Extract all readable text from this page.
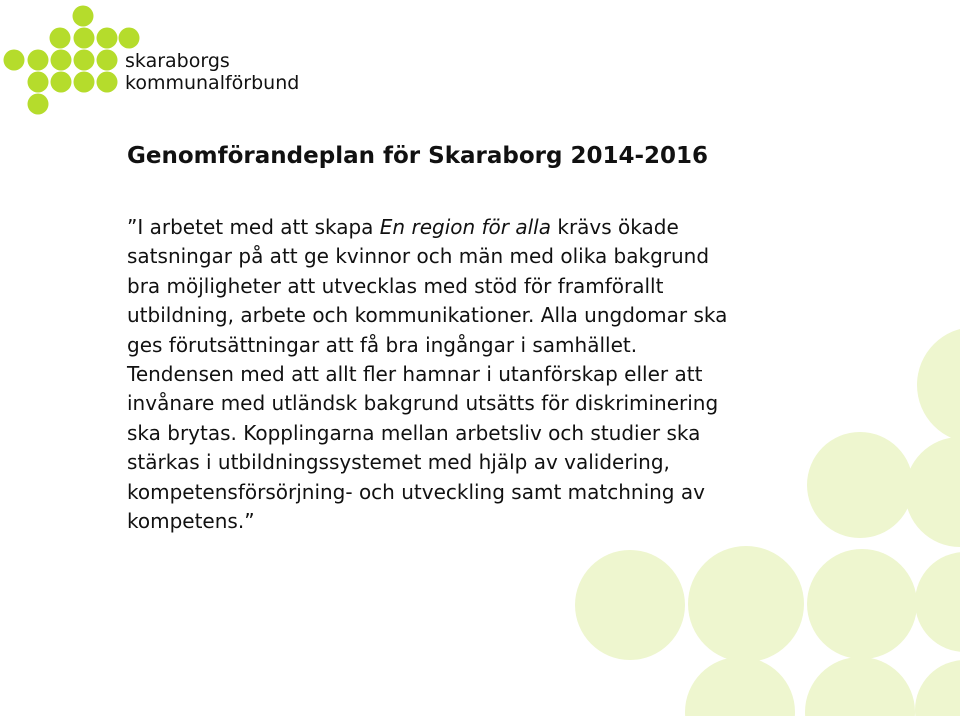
skaraborgs
kommunalförbund
Genomförandeplan för Skaraborg 2014-2016

”I arbetet med att skapa En region för alla krävs ökade
satsningar på att ge kvinnor och män med olika bakgrund
bra möjligheter att utvecklas med stöd för framförallt
utbildning, arbete och kommunikationer. Alla ungdomar ska
ges förutsättningar att få bra ingångar i samhället.
Tendensen med att allt fler hamnar i utanförskap eller att
invånare med utländsk bakgrund utsätts för diskriminering
ska brytas. Kopplingarna mellan arbetsliv och studier ska
stärkas i utbildningssystemet med hjälp av validering,
kompetensförsörjning- och utveckling samt matchning av
kompetens.”
